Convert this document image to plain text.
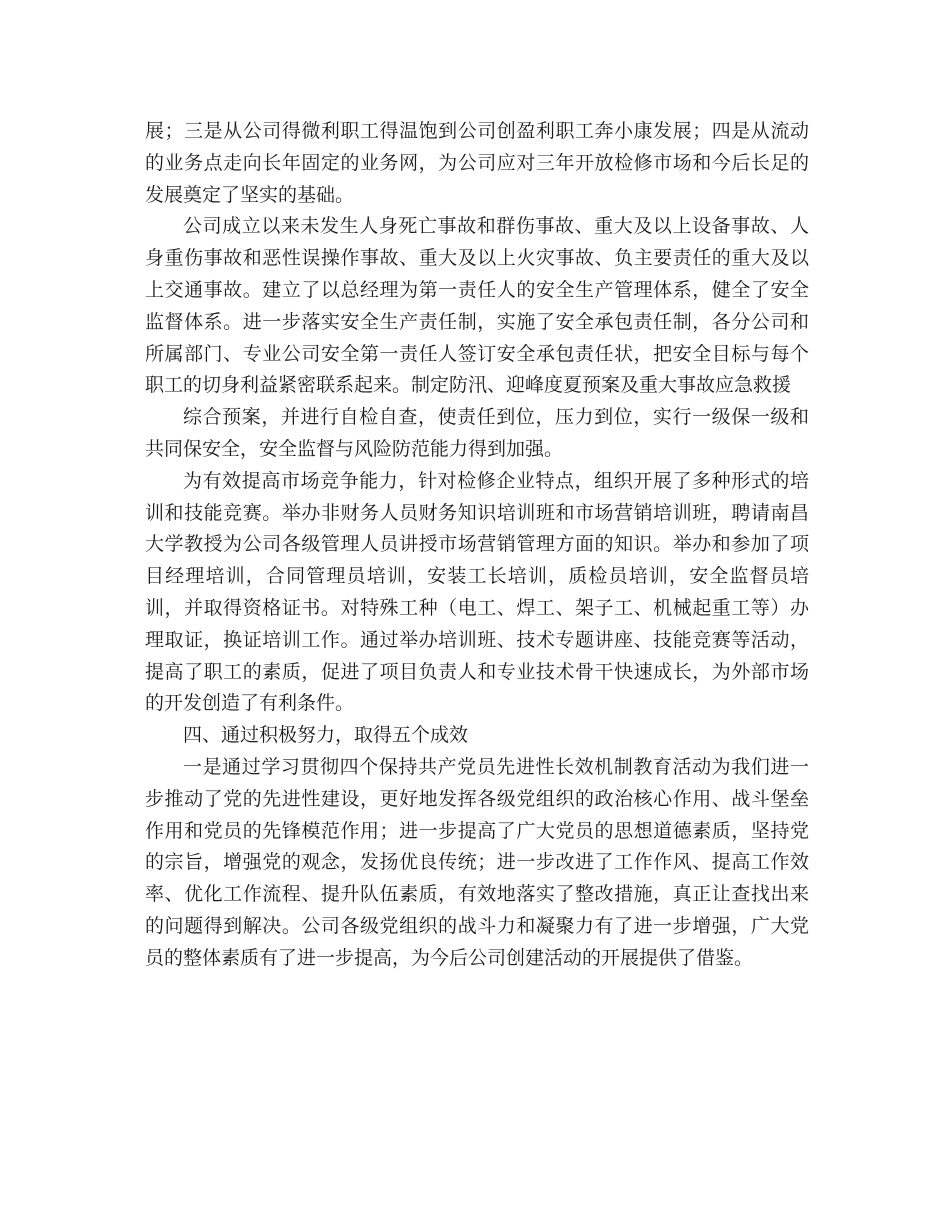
展；三是从公司得微利职工得温饱到公司创盈利职工奔小康发展；四是从流动的业务点走向长年固定的业务网，为公司应对三年开放检修市场和今后长足的发展奠定了坚实的基础。

公司成立以来未发生人身死亡事故和群伤事故、重大及以上设备事故、人身重伤事故和恶性误操作事故、重大及以上火灾事故、负主要责任的重大及以上交通事故。建立了以总经理为第一责任人的安全生产管理体系，健全了安全监督体系。进一步落实安全生产责任制，实施了安全承包责任制，各分公司和所属部门、专业公司安全第一责任人签订安全承包责任状，把安全目标与每个职工的切身利益紧密联系起来。制定防汛、迎峰度夏预案及重大事故应急救援

综合预案，并进行自检自查，使责任到位，压力到位，实行一级保一级和共同保安全，安全监督与风险防范能力得到加强。

为有效提高市场竞争能力，针对检修企业特点，组织开展了多种形式的培训和技能竞赛。举办非财务人员财务知识培训班和市场营销培训班，聘请南昌大学教授为公司各级管理人员讲授市场营销管理方面的知识。举办和参加了项目经理培训，合同管理员培训，安装工长培训，质检员培训，安全监督员培训，并取得资格证书。对特殊工种（电工、焊工、架子工、机械起重工等）办理取证，换证培训工作。通过举办培训班、技术专题讲座、技能竞赛等活动，提高了职工的素质，促进了项目负责人和专业技术骨干快速成长，为外部市场的开发创造了有利条件。

四、通过积极努力，取得五个成效

一是通过学习贯彻四个保持共产党员先进性长效机制教育活动为我们进一步推动了党的先进性建设，更好地发挥各级党组织的政治核心作用、战斗堡垒作用和党员的先锋模范作用；进一步提高了广大党员的思想道德素质，坚持党的宗旨，增强党的观念，发扬优良传统；进一步改进了工作作风、提高工作效率、优化工作流程、提升队伍素质，有效地落实了整改措施，真正让查找出来的问题得到解决。公司各级党组织的战斗力和凝聚力有了进一步增强，广大党员的整体素质有了进一步提高，为今后公司创建活动的开展提供了借鉴。
